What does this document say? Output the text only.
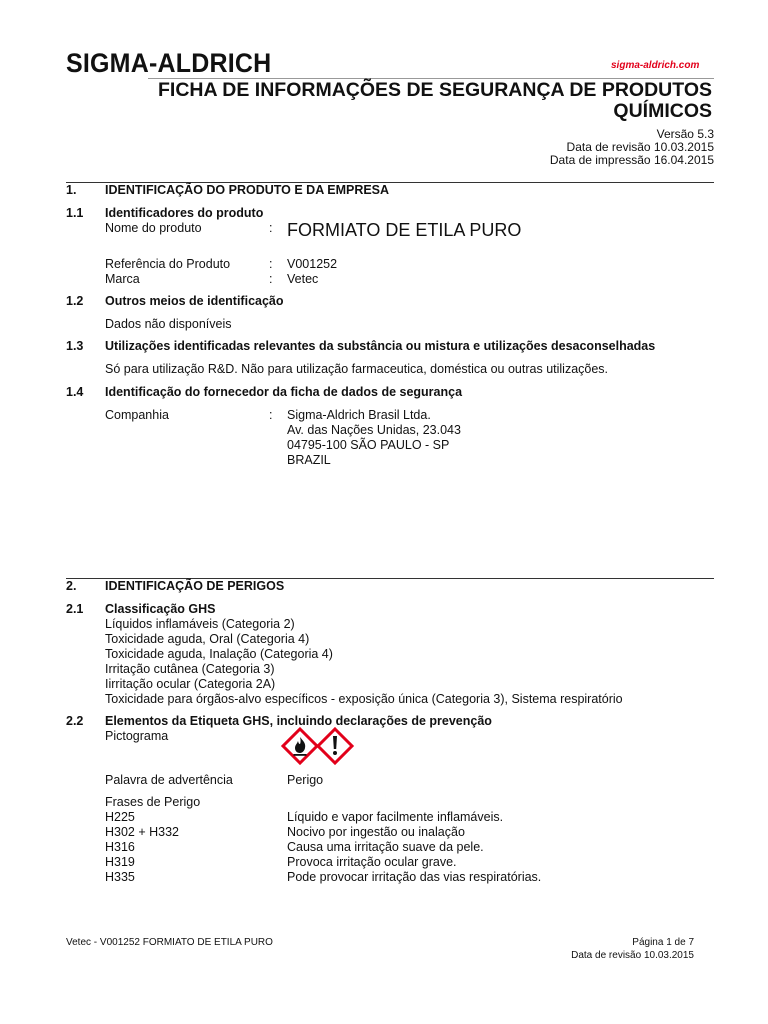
SIGMA-ALDRICH	sigma-aldrich.com
FICHA DE INFORMAÇÕES DE SEGURANÇA DE PRODUTOS QUÍMICOS
Versão 5.3
Data de revisão 10.03.2015
Data de impressão 16.04.2015
1. IDENTIFICAÇÃO DO PRODUTO E DA EMPRESA
1.1 Identificadores do produto
Nome do produto	: FORMIATO DE ETILA PURO
Referência do Produto	: V001252
Marca	: Vetec
1.2 Outros meios de identificação
Dados não disponíveis
1.3 Utilizações identificadas relevantes da substância ou mistura e utilizações desaconselhadas
Só para utilização R&D. Não para utilização farmaceutica, doméstica ou outras utilizações.
1.4 Identificação do fornecedor da ficha de dados de segurança
Companhia	: Sigma-Aldrich Brasil Ltda.
Av. das Nações Unidas, 23.043
04795-100 SÃO PAULO - SP
BRAZIL
2. IDENTIFICAÇÃO DE PERIGOS
2.1 Classificação GHS
Líquidos inflamáveis (Categoria 2)
Toxicidade aguda, Oral (Categoria 4)
Toxicidade aguda, Inalação (Categoria 4)
Irritação cutânea (Categoria 3)
Iirritação ocular (Categoria 2A)
Toxicidade para órgãos-alvo específicos - exposição única (Categoria 3), Sistema respiratório
2.2 Elementos da Etiqueta GHS, incluindo declarações de prevenção
Pictograma
Palavra de advertência	Perigo
Frases de Perigo
H225	Líquido e vapor facilmente inflamáveis.
H302 + H332	Nocivo por ingestão ou inalação
H316	Causa uma irritação suave da pele.
H319	Provoca irritação ocular grave.
H335	Pode provocar irritação das vias respiratórias.
Vetec - V001252 FORMIATO DE ETILA PURO	Página 1 de 7
Data de revisão 10.03.2015
